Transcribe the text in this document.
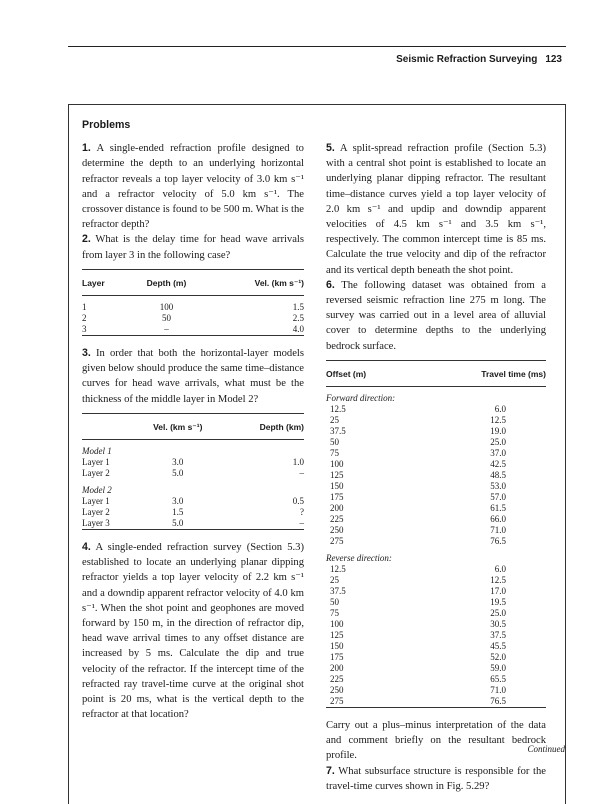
Seismic Refraction Surveying 123
Problems

1. A single-ended refraction profile designed to determine the depth to an underlying horizontal refractor reveals a top layer velocity of 3.0 km s⁻¹ and a refractor velocity of 5.0 km s⁻¹. The crossover distance is found to be 500 m. What is the refractor depth?

2. What is the delay time for head wave arrivals from layer 3 in the following case?

Layer	Depth (m)	Vel. (km s⁻¹)

1	100	1.5
2	50	2.5
3	–	4.0

3. In order that both the horizontal-layer models given below should produce the same time–distance curves for head wave arrivals, what must be the thickness of the middle layer in Model 2?

	Vel. (km s⁻¹)	Depth (km)

Model 1		
Layer 1	3.0	1.0
Layer 2	5.0	–

Model 2		
Layer 1	3.0	0.5
Layer 2	1.5	?
Layer 3	5.0	–

4. A single-ended refraction survey (Section 5.3) established to locate an underlying planar dipping refractor yields a top layer velocity of 2.2 km s⁻¹ and a downdip apparent refractor velocity of 4.0 km s⁻¹. When the shot point and geophones are moved forward by 150 m, in the direction of refractor dip, head wave arrival times to any offset distance are increased by 5 ms. Calculate the dip and true velocity of the refractor. If the intercept time of the refracted ray travel-time curve at the original shot point is 20 ms, what is the vertical depth to the refractor at that location?

5. A split-spread refraction profile (Section 5.3) with a central shot point is established to locate an underlying planar dipping refractor. The resultant time–distance curves yield a top layer velocity of 2.0 km s⁻¹ and updip and downdip apparent velocities of 4.5 km s⁻¹ and 3.5 km s⁻¹, respectively. The common intercept time is 85 ms. Calculate the true velocity and dip of the refractor and its vertical depth beneath the shot point.

6. The following dataset was obtained from a reversed seismic refraction line 275 m long. The survey was carried out in a level area of alluvial cover to determine depths to the underlying bedrock surface.

Offset (m)	Travel time (ms)

Forward direction:	
12.5	6.0
25	12.5
37.5	19.0
50	25.0
75	37.0
100	42.5
125	48.5
150	53.0
175	57.0
200	61.5
225	66.0
250	71.0
275	76.5

Reverse direction:	
12.5	6.0
25	12.5
37.5	17.0
50	19.5
75	25.0
100	30.5
125	37.5
150	45.5
175	52.0
200	59.0
225	65.5
250	71.0
275	76.5

Carry out a plus–minus interpretation of the data and comment briefly on the resultant bedrock profile.

7. What subsurface structure is responsible for the travel-time curves shown in Fig. 5.29?

Continued
